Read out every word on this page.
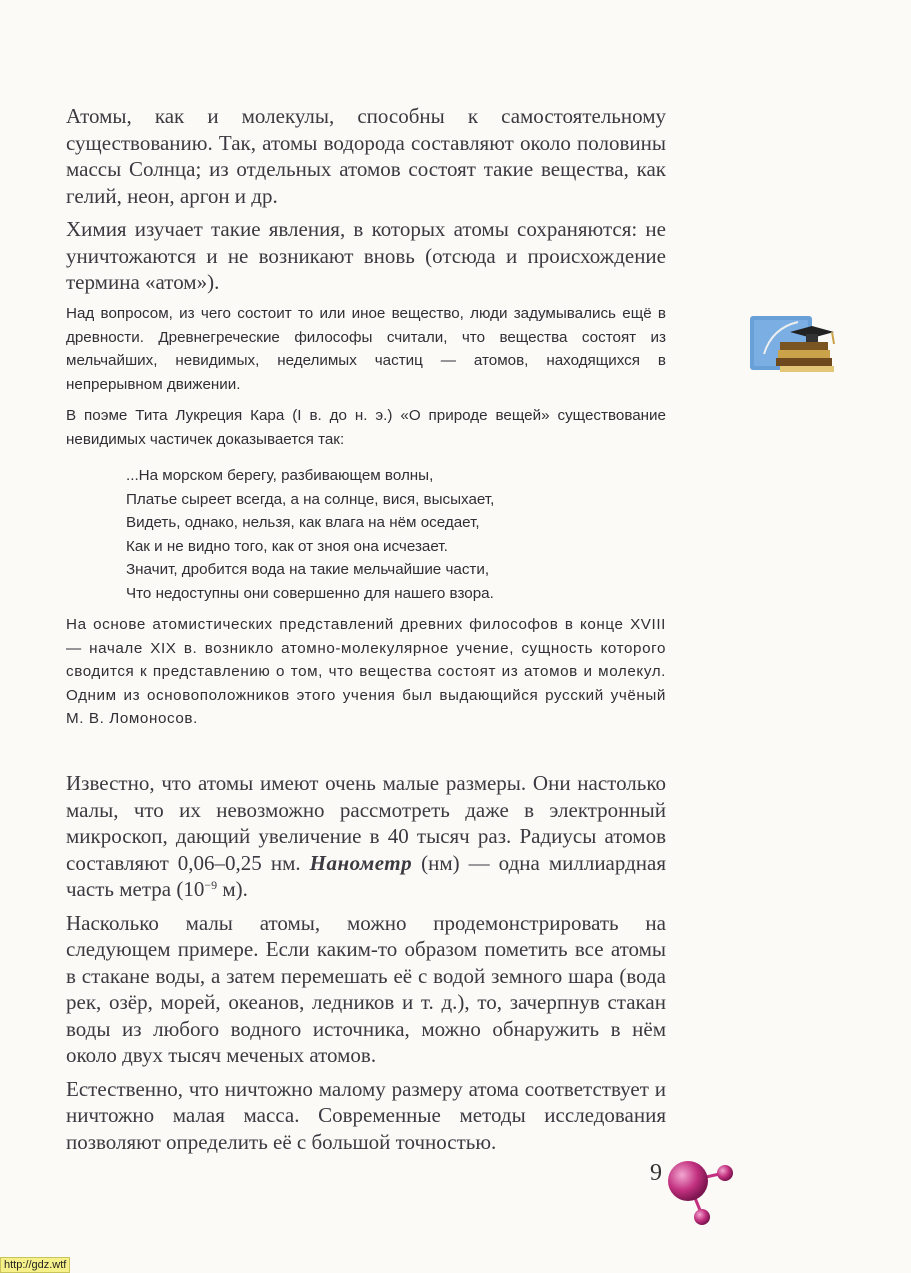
Атомы, как и молекулы, способны к самостоятельному существованию. Так, атомы водорода составляют около половины массы Солнца; из отдельных атомов состоят такие вещества, как гелий, неон, аргон и др.

Химия изучает такие явления, в которых атомы сохраняются: не уничтожаются и не возникают вновь (отсюда и происхождение термина «атом»).

Над вопросом, из чего состоит то или иное вещество, люди задумывались ещё в древности. Древнегреческие философы считали, что вещества состоят из мельчайших, невидимых, неделимых частиц — атомов, находящихся в непрерывном движении.

В поэме Тита Лукреция Кара (I в. до н. э.) «О природе вещей» существование невидимых частичек доказывается так:

...На морском берегу, разбивающем волны,
Платье сыреет всегда, а на солнце, вися, высыхает,
Видеть, однако, нельзя, как влага на нём оседает,
Как и не видно того, как от зноя она исчезает.
Значит, дробится вода на такие мельчайшие части,
Что недоступны они совершенно для нашего взора.

На основе атомистических представлений древних философов в конце XVIII — начале XIX в. возникло атомно-молекулярное учение, сущность которого сводится к представлению о том, что вещества состоят из атомов и молекул. Одним из основоположников этого учения был выдающийся русский учёный М. В. Ломоносов.

Известно, что атомы имеют очень малые размеры. Они настолько малы, что их невозможно рассмотреть даже в электронный микроскоп, дающий увеличение в 40 тысяч раз. Радиусы атомов составляют 0,06–0,25 нм. Нанометр (нм) — одна миллиардная часть метра ($10^{-9}$ м).

Насколько малы атомы, можно продемонстрировать на следующем примере. Если каким-то образом пометить все атомы в стакане воды, а затем перемешать её с водой земного шара (вода рек, озёр, морей, океанов, ледников и т. д.), то, зачерпнув стакан воды из любого водного источника, можно обнаружить в нём около двух тысяч меченых атомов.

Естественно, что ничтожно малому размеру атома соответствует и ничтожно малая масса. Современные методы исследования позволяют определить её с большой точностью.

9
http://gdz.wtf
